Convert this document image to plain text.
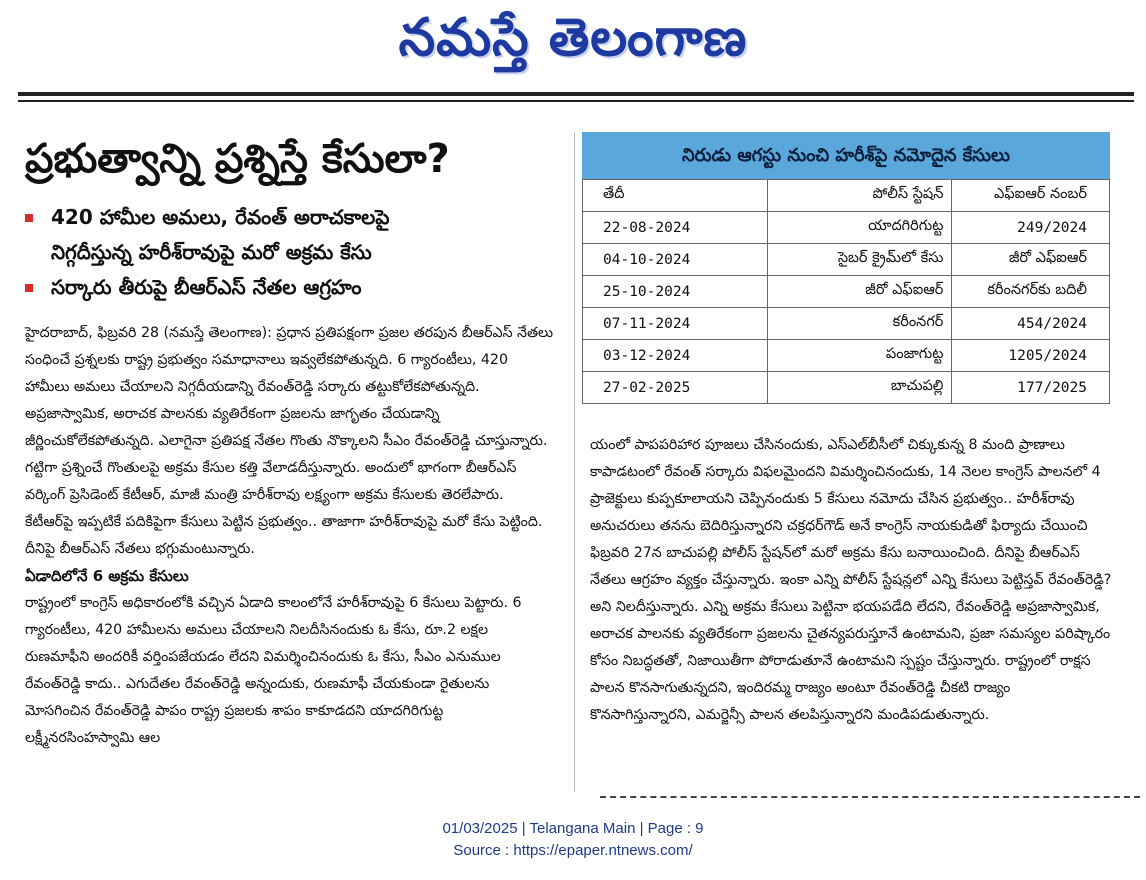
నమస్తే తెలంగాణ
ప్రభుత్వాన్ని ప్రశ్నిస్తే కేసులా?
420 హామీల అమలు, రేవంత్ అరాచకాలపై
నిగ్గదీస్తున్న హరీశ్‌రావుపై మరో అక్రమ కేసు
సర్కారు తీరుపై బీఆర్‌ఎస్ నేతల ఆగ్రహం

హైదరాబాద్, ఫిబ్రవరి 28 (నమస్తే తెలంగాణ): ప్రధాన ప్రతిపక్షంగా ప్రజల తరపున బీఆర్‌ఎస్ నేతలు సంధించే ప్రశ్నలకు రాష్ట్ర ప్రభుత్వం సమాధానాలు ఇవ్వలేకపోతున్నది. 6 గ్యారంటీలు, 420 హామీలు అమలు చేయాలని నిగ్గదీయడాన్ని రేవంత్‌రెడ్డి సర్కారు తట్టుకోలేకపోతున్నది. అప్రజాస్వామిక, అరాచక పాలనకు వ్యతిరేకంగా ప్రజలను జాగృతం చేయడాన్ని జీర్ణించుకోలేకపోతున్నది. ఎలాగైనా ప్రతిపక్ష నేతల గొంతు నొక్కాలని సీఎం రేవంత్‌రెడ్డి చూస్తున్నారు. గట్టిగా ప్రశ్నించే గొంతులపై అక్రమ కేసుల కత్తి వేలాడదీస్తున్నారు. అందులో భాగంగా బీఆర్‌ఎస్ వర్కింగ్ ప్రెసిడెంట్ కేటీఆర్, మాజీ మంత్రి హరీశ్‌రావు లక్ష్యంగా అక్రమ కేసులకు తెరలేపారు. కేటీఆర్‌పై ఇప్పటికే పదికిపైగా కేసులు పెట్టిన ప్రభుత్వం.. తాజాగా హరీశ్‌రావుపై మరో కేసు పెట్టింది. దీనిపై బీఆర్‌ఎస్ నేతలు భగ్గుమంటున్నారు.

ఏడాదిలోనే 6 అక్రమ కేసులు

రాష్ట్రంలో కాంగ్రెస్ అధికారంలోకి వచ్చిన ఏడాది కాలంలోనే హరీశ్‌రావుపై 6 కేసులు పెట్టారు. 6 గ్యారంటీలు, 420 హామీలను అమలు చేయాలని నిలదీసినందుకు ఓ కేసు, రూ.2 లక్షల రుణమాఫీని అందరికీ వర్తింపజేయడం లేదని విమర్శించినందుకు ఓ కేసు, సీఎం ఎనుముల రేవంత్‌రెడ్డి కాదు.. ఎగుదేతల రేవంత్‌రెడ్డి అన్నందుకు, రుణమాఫీ చేయకుండా రైతులను మోసగించిన రేవంత్‌రెడ్డి పాపం రాష్ట్ర ప్రజలకు శాపం కాకూడదని యాదగిరిగుట్ట లక్ష్మీనరసింహస్వామి ఆల

నిరుడు ఆగస్టు నుంచి హరీశ్‌పై నమోదైన కేసులు
తేదీ	పోలీస్ స్టేషన్	ఎఫ్‌ఐఆర్ నంబర్
22-08-2024	యాదగిరిగుట్ట	249/2024
04-10-2024	సైబర్ క్రైమ్‌లో కేసు	జీరో ఎఫ్‌ఐఆర్
25-10-2024	జీరో ఎఫ్‌ఐఆర్	కరీంనగర్‌కు బదిలీ
07-11-2024	కరీంనగర్	454/2024
03-12-2024	పంజాగుట్ట	1205/2024
27-02-2025	బాచుపల్లి	177/2025

యంలో పాపపరిహార పూజలు చేసినందుకు, ఎస్‌ఎల్‌బీసీలో చిక్కుకున్న 8 మంది ప్రాణాలు కాపాడటంలో రేవంత్ సర్కారు విఫలమైందని విమర్శించినందుకు, 14 నెలల కాంగ్రెస్ పాలనలో 4 ప్రాజెక్టులు కుప్పకూలాయని చెప్పినందుకు 5 కేసులు నమోదు చేసిన ప్రభుత్వం.. హరీశ్‌రావు అనుచరులు తనను బెదిరిస్తున్నారని చక్రధర్‌గౌడ్ అనే కాంగ్రెస్ నాయకుడితో ఫిర్యాదు చేయించి ఫిబ్రవరి 27న బాచుపల్లి పోలీస్ స్టేషన్‌లో మరో అక్రమ కేసు బనాయించింది. దీనిపై బీఆర్‌ఎస్ నేతలు ఆగ్రహం వ్యక్తం చేస్తున్నారు. ఇంకా ఎన్ని పోలీస్ స్టేషన్లలో ఎన్ని కేసులు పెట్టిస్తవ్ రేవంత్‌రెడ్డి? అని నిలదీస్తున్నారు. ఎన్ని అక్రమ కేసులు పెట్టినా భయపడేది లేదని, రేవంత్‌రెడ్డి అప్రజాస్వామిక, అరాచక పాలనకు వ్యతిరేకంగా ప్రజలను చైతన్యపరుస్తూనే ఉంటామని, ప్రజా సమస్యల పరిష్కారం కోసం నిబద్ధతతో, నిజాయితీగా పోరాడుతూనే ఉంటామని స్పష్టం చేస్తున్నారు. రాష్ట్రంలో రాక్షస పాలన కొనసాగుతున్నదని, ఇందిరమ్మ రాజ్యం అంటూ రేవంత్‌రెడ్డి చీకటి రాజ్యం కొనసాగిస్తున్నారని, ఎమర్జెన్సీ పాలన తలపిస్తున్నారని మండిపడుతున్నారు.

01/03/2025 | Telangana Main | Page : 9
Source : https://epaper.ntnews.com/
